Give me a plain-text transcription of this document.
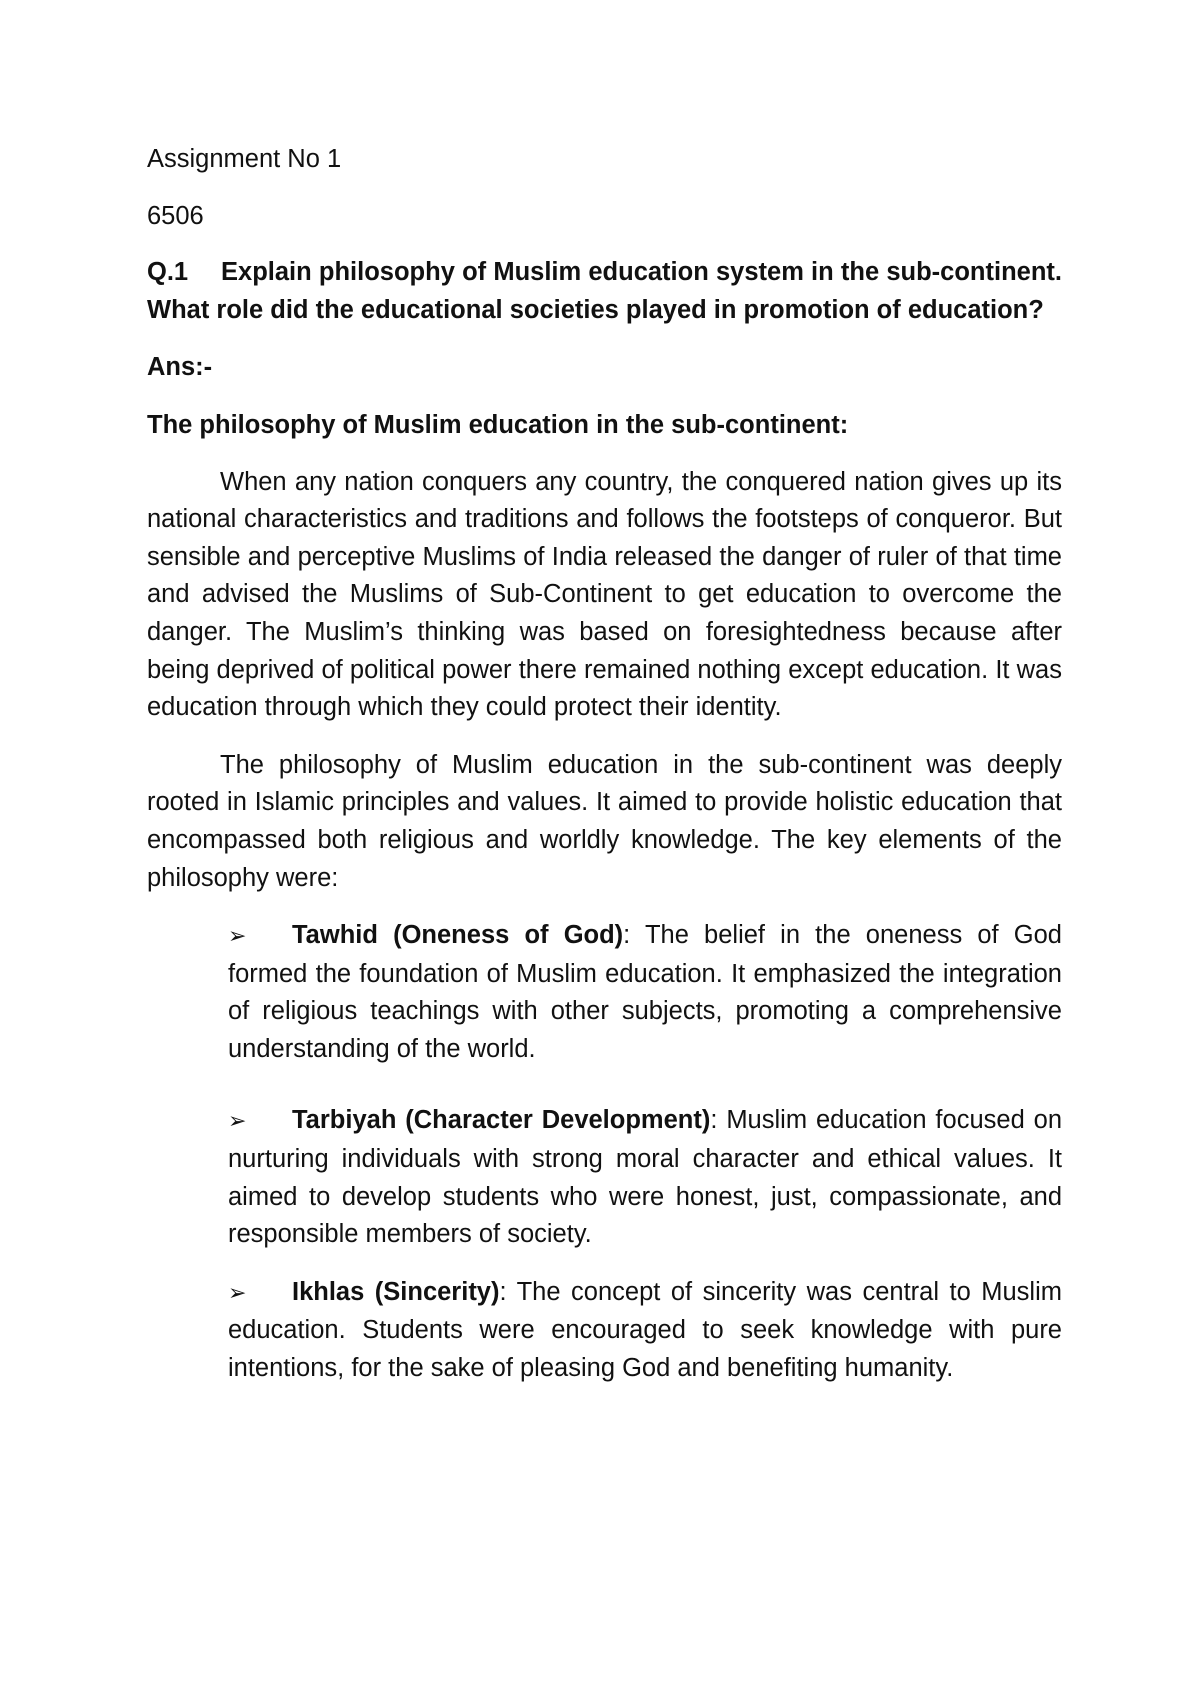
Assignment No 1

6506

Q.1 Explain philosophy of Muslim education system in the sub-continent. What role did the educational societies played in promotion of education?

Ans:-

The philosophy of Muslim education in the sub-continent:

When any nation conquers any country, the conquered nation gives up its national characteristics and traditions and follows the footsteps of conqueror. But sensible and perceptive Muslims of India released the danger of ruler of that time and advised the Muslims of Sub-Continent to get education to overcome the danger. The Muslim’s thinking was based on foresightedness because after being deprived of political power there remained nothing except education. It was education through which they could protect their identity.

The philosophy of Muslim education in the sub-continent was deeply rooted in Islamic principles and values. It aimed to provide holistic education that encompassed both religious and worldly knowledge. The key elements of the philosophy were:

➢ Tawhid (Oneness of God): The belief in the oneness of God formed the foundation of Muslim education. It emphasized the integration of religious teachings with other subjects, promoting a comprehensive understanding of the world.

➢ Tarbiyah (Character Development): Muslim education focused on nurturing individuals with strong moral character and ethical values. It aimed to develop students who were honest, just, compassionate, and responsible members of society.

➢ Ikhlas (Sincerity): The concept of sincerity was central to Muslim education. Students were encouraged to seek knowledge with pure intentions, for the sake of pleasing God and benefiting humanity.
